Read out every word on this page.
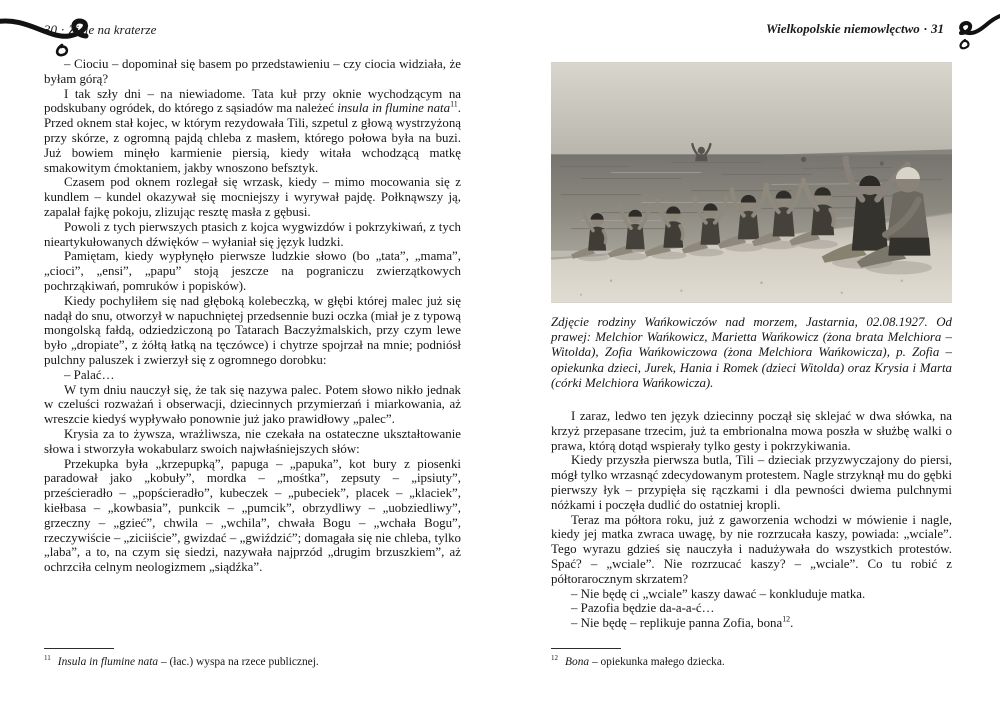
30 · Ziele na kraterze	Wielkopolskie niemowlęctwo · 31

– Ciociu – dopominał się basem po przedstawieniu – czy ciocia widziała, że byłam górą?

I tak szły dni – na niewiadome. Tata kuł przy oknie wychodzącym na podskubany ogródek, do którego z sąsiadów ma należeć insula in flumine nata$^{11}$. Przed oknem stał kojec, w którym rezydowała Tili, szpetul z głową wystrzyżoną przy skórze, z ogromną pajdą chleba z masłem, którego połowa była na buzi. Już bowiem minęło karmienie piersią, kiedy witała wchodzącą matkę smakowitym ćmoktaniem, jakby wnoszono befsztyk.

Czasem pod oknem rozlegał się wrzask, kiedy – mimo mocowania się z kundlem – kundel okazywał się mocniejszy i wyrywał pajdę. Połknąwszy ją, zapalał fajkę pokoju, zlizując resztę masła z gębusi.

Powoli z tych pierwszych ptasich z kojca wygwizdów i pokrzykiwań, z tych nieartykułowanych dźwięków – wyłaniał się język ludzki.

Pamiętam, kiedy wypłynęło pierwsze ludzkie słowo (bo „tata”, „mama”, „cioci”, „ensi”, „papu” stoją jeszcze na pograniczu zwierzątkowych pochrząkiwań, pomruków i popisków).

Kiedy pochyliłem się nad głęboką kolebeczką, w głębi której malec już się nadął do snu, otworzył w napuchniętej przedsennie buzi oczka (miał je z typową mongolską fałdą, odziedziczoną po Tatarach Baczyżmalskich, przy czym lewe było „dropiate”, z żółtą łatką na tęczówce) i chytrze spojrzał na mnie; podniósł pulchny paluszek i zwierzył się z ogromnego dorobku:

– Palać…

W tym dniu nauczył się, że tak się nazywa palec. Potem słowo nikło jednak w czeluści rozważań i obserwacji, dziecinnych przymierzań i miarkowania, aż wreszcie kiedyś wypływało ponownie już jako prawidłowy „palec”.

Krysia za to żywsza, wrażliwsza, nie czekała na ostateczne ukształtowanie słowa i stworzyła wokabularz swoich najwłaśniejszych słów:

Przekupka była „krzepupką”, papuga – „papuka”, kot bury z piosenki paradował jako „kobuły”, mordka – „mośtka”, zepsuty – „ipsiuty”, prześcieradło – „popścieradło”, kubeczek – „pubeciek”, placek – „klaciek”, kiełbasa – „kowbasia”, punkcik – „pumcik”, obrzydliwy – „uobziedliwy”, grzeczny – „gzieć”, chwila – „wchila”, chwała Bogu – „wchała Bogu”, rzeczywiście – „ziciiście”, gwizdać – „gwiździć”; domagała się nie chleba, tylko „laba”, a to, na czym się siedzi, nazywała najprzód „drugim brzuszkiem”, aż ochrzciła celnym neologizmem „siądźka”.

$^{11}$ Insula in flumine nata – (łac.) wyspa na rzece publicznej.
Zdjęcie rodziny Wańkowiczów nad morzem, Jastarnia, 02.08.1927. Od prawej: Melchior Wańkowicz, Marietta Wańkowicz (żona brata Melchiora – Witolda), Zofia Wańkowiczowa (żona Melchiora Wańkowicza), p. Zofia – opiekunka dzieci, Jurek, Hania i Romek (dzieci Witolda) oraz Krysia i Marta (córki Melchiora Wańkowicza).

I zaraz, ledwo ten język dziecinny począł się sklejać w dwa słówka, na krzyż przepasane trzecim, już ta embrionalna mowa poszła w służbę walki o prawa, którą dotąd wspierały tylko gesty i pokrzykiwania.

Kiedy przyszła pierwsza butla, Tili – dzieciak przyzwyczajony do piersi, mógł tylko wrzasnąć zdecydowanym protestem. Nagle strzyknął mu do gębki pierwszy łyk – przypięła się rączkami i dla pewności dwiema pulchnymi nóżkami i poczęła dudlić do ostatniej kropli.

Teraz ma półtora roku, już z gaworzenia wchodzi w mówienie i nagle, kiedy jej matka zwraca uwagę, by nie rozrzucała kaszy, powiada: „wciale”. Tego wyrazu gdzieś się nauczyła i nadużywała do wszystkich protestów. Spać? – „wciale”. Nie rozrzucać kaszy? – „wciale”. Co tu robić z półtorarocznym skrzatem?

– Nie będę ci „wciale” kaszy dawać – konkluduje matka.

– Pazofia będzie da-a-a-ć…

– Nie będę – replikuje panna Zofia, bona$^{12}$.

$^{12}$ Bona – opiekunka małego dziecka.
